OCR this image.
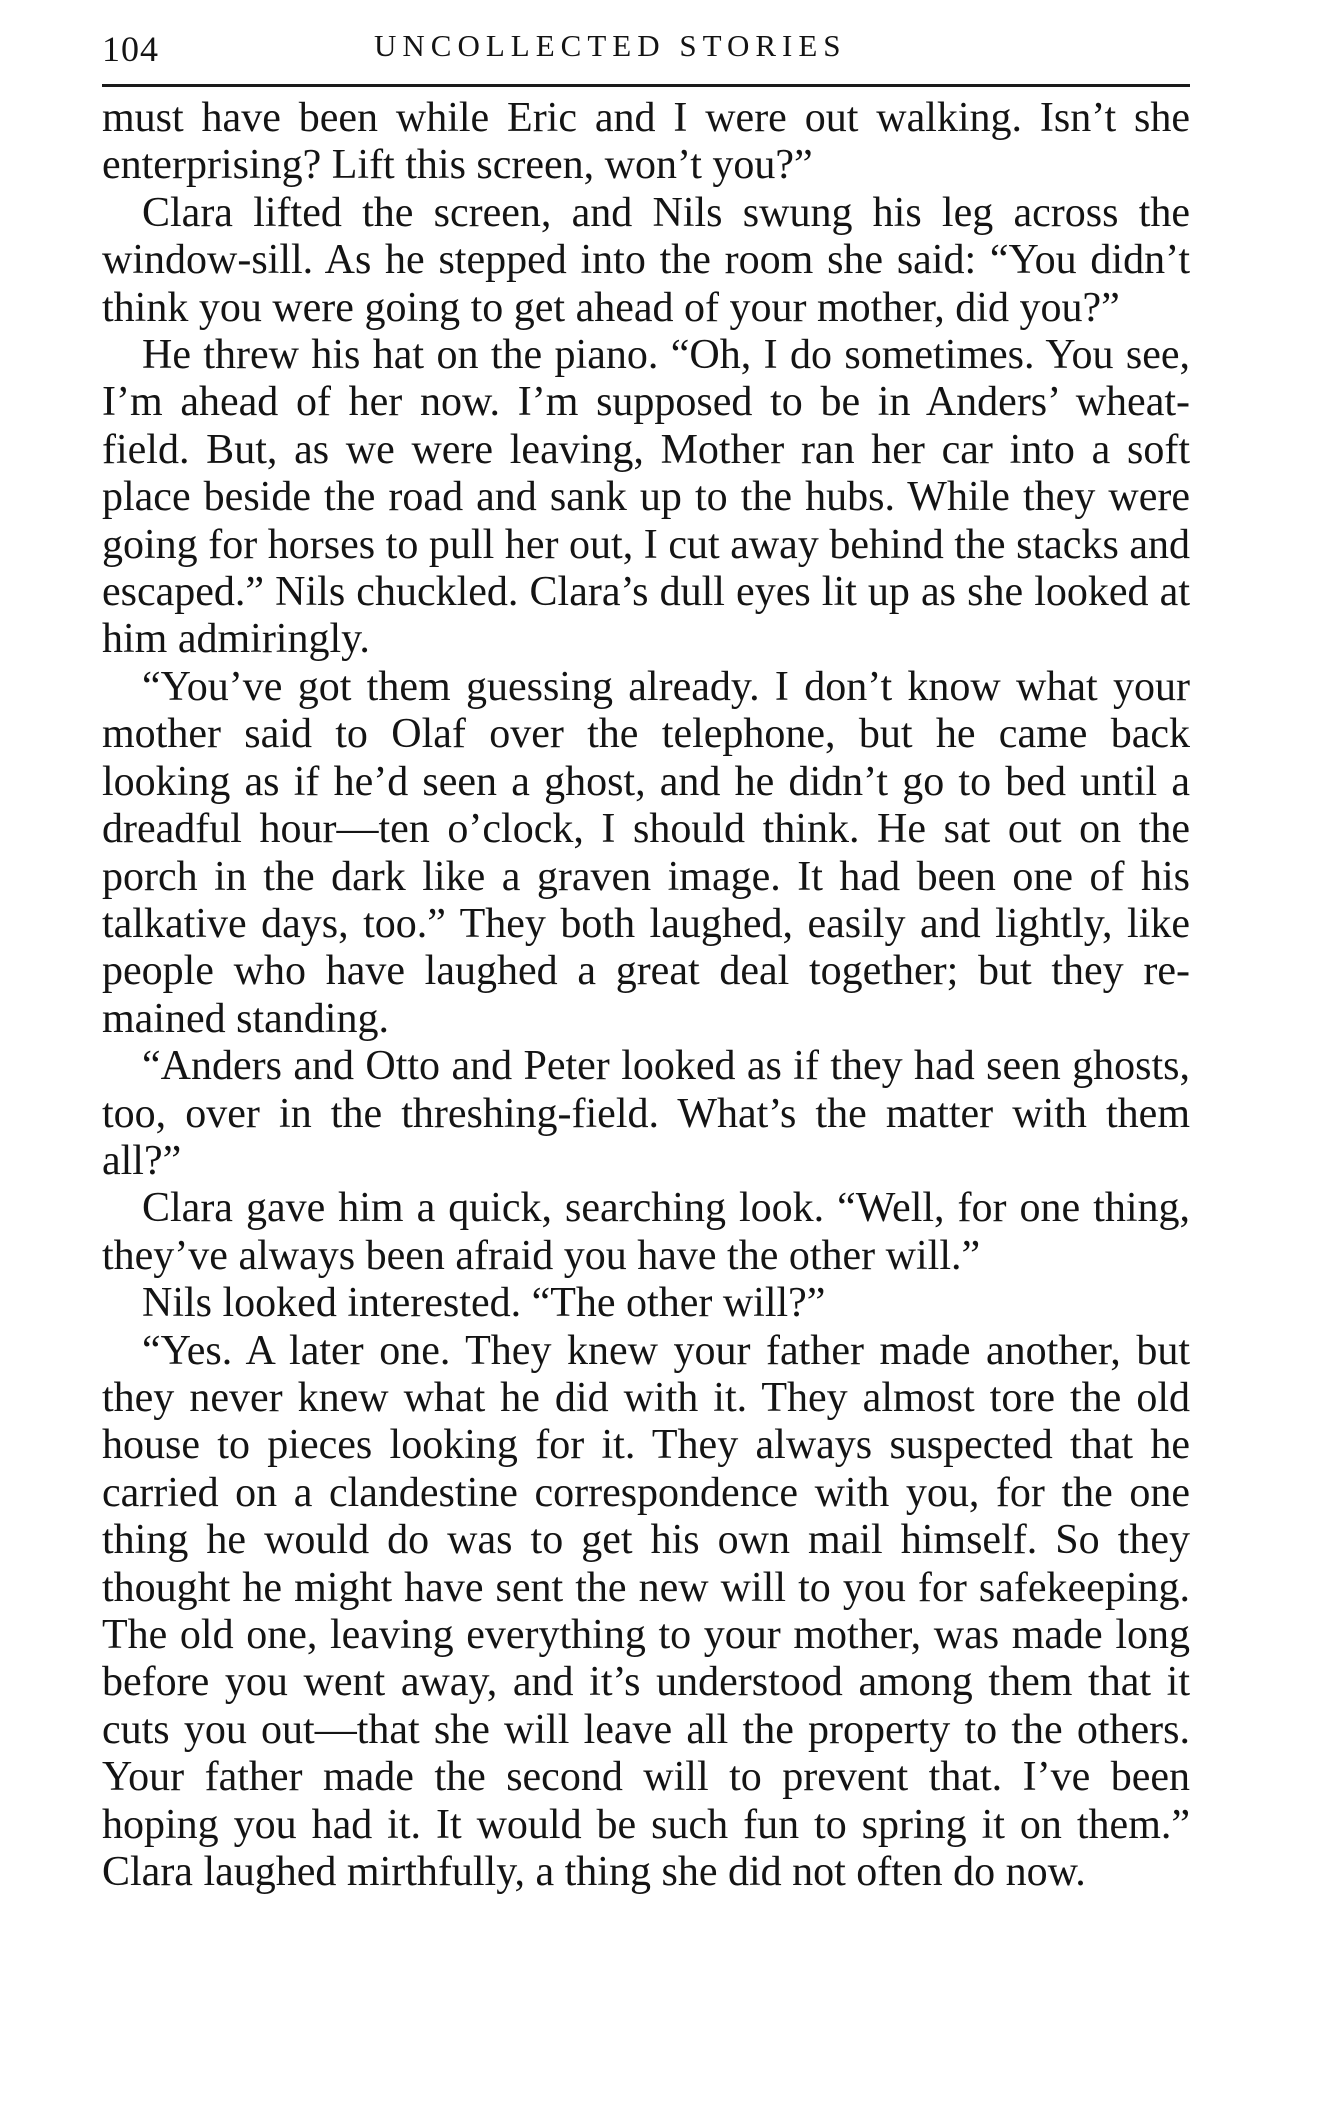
104	UNCOLLECTED STORIES

must have been while Eric and I were out walking. Isn’t she enterprising? Lift this screen, won’t you?”

Clara lifted the screen, and Nils swung his leg across the window-sill. As he stepped into the room she said: “You didn’t think you were going to get ahead of your mother, did you?”

He threw his hat on the piano. “Oh, I do sometimes. You see, I’m ahead of her now. I’m supposed to be in Anders’ wheat-field. But, as we were leaving, Mother ran her car into a soft place beside the road and sank up to the hubs. While they were going for horses to pull her out, I cut away behind the stacks and escaped.” Nils chuckled. Clara’s dull eyes lit up as she looked at him admiringly.

“You’ve got them guessing already. I don’t know what your mother said to Olaf over the telephone, but he came back looking as if he’d seen a ghost, and he didn’t go to bed until a dreadful hour—ten o’clock, I should think. He sat out on the porch in the dark like a graven image. It had been one of his talkative days, too.” They both laughed, easily and lightly, like people who have laughed a great deal together; but they remained standing.

“Anders and Otto and Peter looked as if they had seen ghosts, too, over in the threshing-field. What’s the matter with them all?”

Clara gave him a quick, searching look. “Well, for one thing, they’ve always been afraid you have the other will.”

Nils looked interested. “The other will?”

“Yes. A later one. They knew your father made another, but they never knew what he did with it. They almost tore the old house to pieces looking for it. They always suspected that he carried on a clandestine correspondence with you, for the one thing he would do was to get his own mail himself. So they thought he might have sent the new will to you for safekeeping. The old one, leaving everything to your mother, was made long before you went away, and it’s understood among them that it cuts you out—that she will leave all the property to the others. Your father made the second will to prevent that. I’ve been hoping you had it. It would be such fun to spring it on them.” Clara laughed mirthfully, a thing she did not often do now.
